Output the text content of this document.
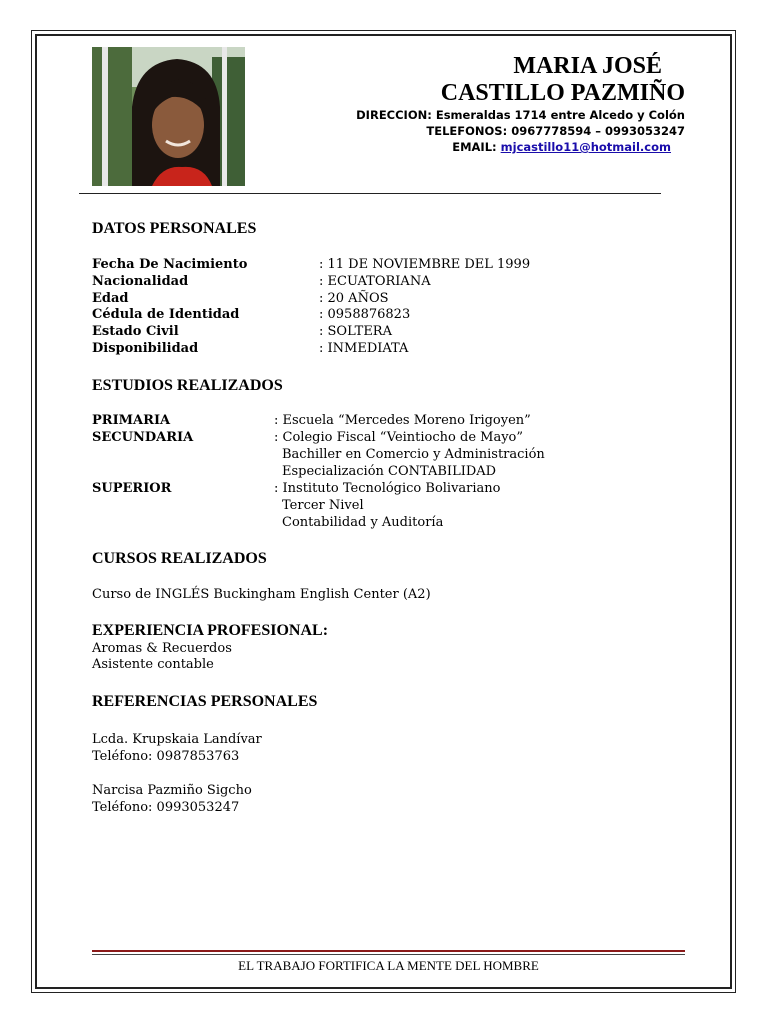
MARIA JOSÉ
CASTILLO PAZMIÑO
DIRECCION: Esmeraldas 1714 entre Alcedo y Colón
TELEFONOS: 0967778594 – 0993053247
EMAIL: mjcastillo11@hotmail.com
DATOS PERSONALES
Fecha De Nacimiento	: 11 DE NOVIEMBRE DEL 1999
Nacionalidad	: ECUATORIANA
Edad	: 20 AÑOS
Cédula de Identidad	: 0958876823
Estado Civil	: SOLTERA
Disponibilidad	: INMEDIATA
ESTUDIOS REALIZADOS
PRIMARIA	: Escuela “Mercedes Moreno Irigoyen”
SECUNDARIA	: Colegio Fiscal “Veintiocho de Mayo”
Bachiller en Comercio y Administración
Especialización CONTABILIDAD
SUPERIOR	: Instituto Tecnológico Bolivariano
Tercer Nivel
Contabilidad y Auditoría
CURSOS REALIZADOS
Curso de INGLÉS Buckingham English Center (A2)
EXPERIENCIA PROFESIONAL:
Aromas & Recuerdos
Asistente contable
REFERENCIAS PERSONALES
Lcda. Krupskaia Landívar
Teléfono: 0987853763
Narcisa Pazmiño Sigcho
Teléfono: 0993053247
EL TRABAJO FORTIFICA LA MENTE DEL HOMBRE
